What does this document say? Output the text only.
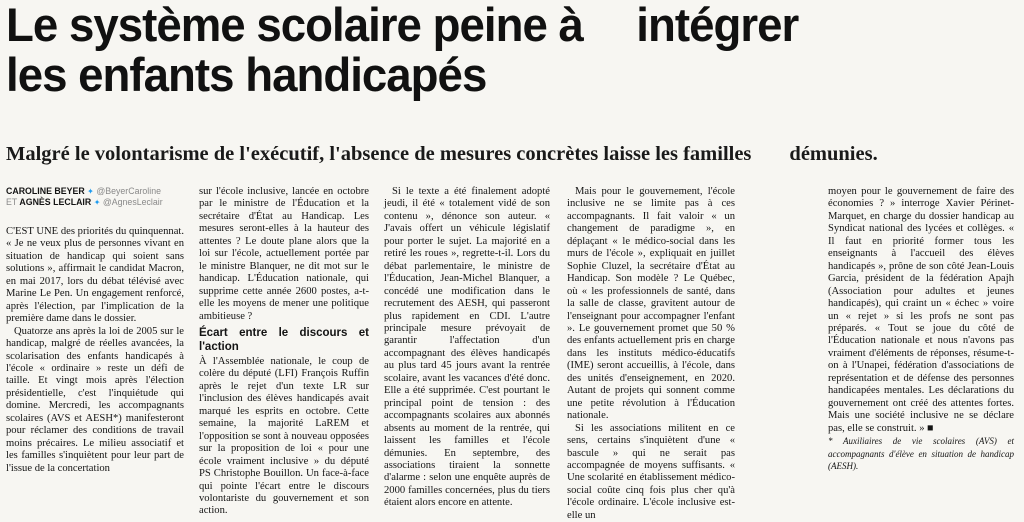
Le système scolaire peine à intégrer
les enfants handicapés

Malgré le volontarisme de l'exécutif, l'absence de mesures concrètes laisse les familles démunies.

CAROLINE BEYER ✦ @BeyerCaroline
ET AGNÈS LECLAIR ✦ @AgnesLeclair

C'EST UNE des priorités du quinquennat. « Je ne veux plus de personnes vivant en situation de handicap qui soient sans solutions », affirmait le candidat Macron, en mai 2017, lors du débat télévisé avec Marine Le Pen. Un engagement renforcé, après l'élection, par l'implication de la première dame dans le dossier.

Quatorze ans après la loi de 2005 sur le handicap, malgré de réelles avancées, la scolarisation des enfants handicapés à l'école « ordinaire » reste un défi de taille. Et vingt mois après l'élection présidentielle, c'est l'inquiétude qui domine. Mercredi, les accompagnants scolaires (AVS et AESH*) manifesteront pour réclamer des conditions de travail moins précaires. Le milieu associatif et les familles s'inquiètent pour leur part de l'issue de la concertation

sur l'école inclusive, lancée en octobre par le ministre de l'Éducation et la secrétaire d'État au Handicap. Les mesures seront-elles à la hauteur des attentes ? Le doute plane alors que la loi sur l'école, actuellement portée par le ministre Blanquer, ne dit mot sur le handicap. L'Éducation nationale, qui supprime cette année 2600 postes, a-t-elle les moyens de mener une politique ambitieuse ?

Écart entre le discours et l'action

À l'Assemblée nationale, le coup de colère du député (LFI) François Ruffin après le rejet d'un texte LR sur l'inclusion des élèves handicapés avait marqué les esprits en octobre. Cette semaine, la majorité LaREM et l'opposition se sont à nouveau opposées sur la proposition de loi « pour une école vraiment inclusive » du député PS Christophe Bouillon. Un face-à-face qui pointe l'écart entre le discours volontariste du gouvernement et son action.

Si le texte a été finalement adopté jeudi, il été « totalement vidé de son contenu », dénonce son auteur. « J'avais offert un véhicule législatif pour porter le sujet. La majorité en a retiré les roues », regrette-t-il. Lors du débat parlementaire, le ministre de l'Éducation, Jean-Michel Blanquer, a concédé une modification dans le recrutement des AESH, qui passeront plus rapidement en CDI. L'autre principale mesure prévoyait de garantir l'affectation d'un accompagnant des élèves handicapés au plus tard 45 jours avant la rentrée scolaire, avant les vacances d'été donc. Elle a été supprimée. C'est pourtant le principal point de tension : des accompagnants scolaires aux abonnés absents au moment de la rentrée, qui laissent les familles et l'école démunies. En septembre, des associations tiraient la sonnette d'alarme : selon une enquête auprès de 2000 familles concernées, plus du tiers étaient alors encore en attente.

Mais pour le gouvernement, l'école inclusive ne se limite pas à ces accompagnants. Il fait valoir « un changement de paradigme », en déplaçant « le médico-social dans les murs de l'école », expliquait en juillet Sophie Cluzel, la secrétaire d'État au Handicap. Son modèle ? Le Québec, où « les professionnels de santé, dans la salle de classe, gravitent autour de l'enseignant pour accompagner l'enfant ». Le gouvernement promet que 50 % des enfants actuellement pris en charge dans les instituts médico-éducatifs (IME) seront accueillis, à l'école, dans des unités d'enseignement, en 2020. Autant de projets qui sonnent comme une petite révolution à l'Éducation nationale.

Si les associations militent en ce sens, certains s'inquiètent d'une « bascule » qui ne serait pas accompagnée de moyens suffisants. « Une scolarité en établissement médico-social coûte cinq fois plus cher qu'à l'école ordinaire. L'école inclusive est-elle un

moyen pour le gouvernement de faire des économies ? » interroge Xavier Périnet-Marquet, en charge du dossier handicap au Syndicat national des lycées et collèges. « Il faut en priorité former tous les enseignants à l'accueil des élèves handicapés », prône de son côté Jean-Louis Garcia, président de la fédération Apajh (Association pour adultes et jeunes handicapés), qui craint un « échec » voire un « rejet » si les profs ne sont pas préparés. « Tout se joue du côté de l'Éducation nationale et nous n'avons pas vraiment d'éléments de réponses, résume-t-on à l'Unapei, fédération d'associations de représentation et de défense des personnes handicapées mentales. Les déclarations du gouvernement ont créé des attentes fortes. Mais une société inclusive ne se déclare pas, elle se construit. » ■

* Auxiliaires de vie scolaires (AVS) et accompagnants d'élève en situation de handicap (AESH).
